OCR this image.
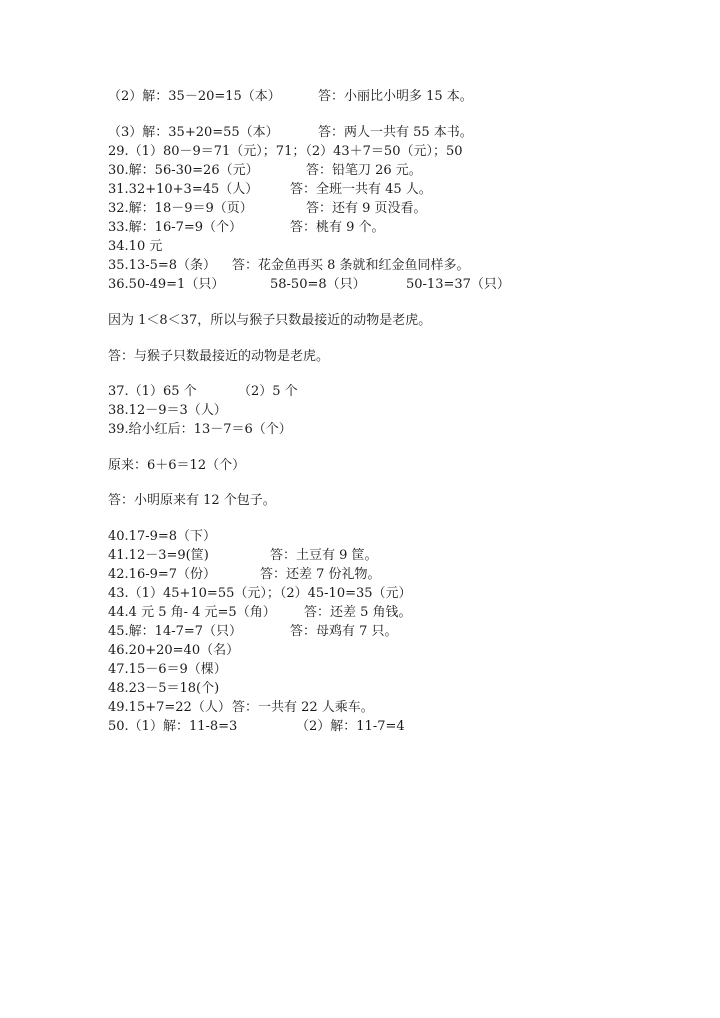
（2）解：35－20=15（本）	答：小丽比小明多 15 本。
（3）解：35+20=55（本）	答：两人一共有 55 本书。
29.（1）80－9＝71（元）；71；（2）43＋7＝50（元）；50
30.解：56-30=26（元）	答：铅笔刀 26 元。
31.32+10+3=45（人） 答：全班一共有 45 人。
32.解：18－9＝9（页）	答：还有 9 页没看。
33.解：16-7=9（个）	答：桃有 9 个。
34.10 元
35.13-5=8（条） 答：花金鱼再买 8 条就和红金鱼同样多。
36.50-49=1（只）	58-50=8（只）	50-13=37（只）
因为 1＜8＜37，所以与猴子只数最接近的动物是老虎。
答：与猴子只数最接近的动物是老虎。
37.（1）65 个	（2）5 个
38.12－9＝3（人）
39.给小红后：13－7＝6（个）
原来：6＋6＝12（个）
答：小明原来有 12 个包子。
40.17-9=8（下）
41.12－3=9(筐)	答：土豆有 9 筐。
42.16-9=7（份）	答：还差 7 份礼物。
43.（1）45+10=55（元）；（2）45-10=35（元）
44.4 元 5 角- 4 元=5（角） 答：还差 5 角钱。
45.解：14-7=7（只）	答：母鸡有 7 只。
46.20+20=40（名）
47.15－6＝9（棵）
48.23－5＝18(个)
49.15+7=22（人） 答：一共有 22 人乘车。
50.（1）解：11-8=3	（2）解：11-7=4
